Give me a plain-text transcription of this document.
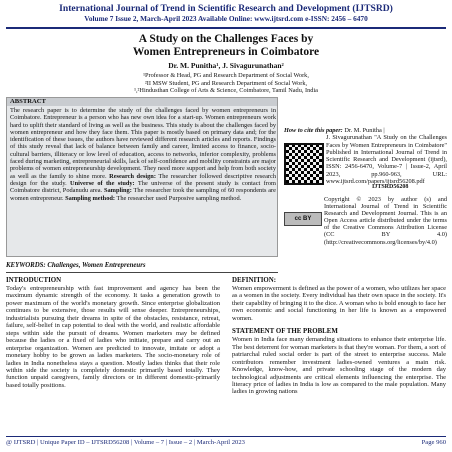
International Journal of Trend in Scientific Research and Development (IJTSRD)
Volume 7 Issue 2, March-April 2023 Available Online: www.ijtsrd.com e-ISSN: 2456 – 6470
A Study on the Challenges Faces by
Women Entrepreneurs in Coimbatore
Dr. M. Punitha¹, J. Sivagurunathan²
¹Professor & Head, PG and Research Department of Social Work,
²II MSW Student, PG and Research Department of Social Work,
¹,²Hindusthan College of Arts & Science, Coimbatore, Tamil Nadu, India
ABSTRACT
The research paper is to determine the study of the challenges faced by women entrepreneurs in Coimbatore. Entrepreneur is a person who has new own idea for a start-up. Women entrepreneurs work hard to uplift their standard of living as well as the business. This study is about the challenges faced by women entrepreneur and how they face them. This paper is mostly based on primary data and; for the identification of these issues, the authors have reviewed different research articles and reports. Findings of this study reveal that lack of balance between family and career, limited access to finance, socio-cultural barriers, illiteracy or low level of education, access to networks, inferior complexity, problems faced during marketing, entrepreneurial skills, lack of self-confidence and mobility constraints are major problems of women entrepreneurship development. They need more support and help from both society as well as the family to shine more. Research design: The researcher followed descriptive research design for the study. Universe of the study: The universe of the present study is contact from Coimbatore district, Podanudu area. Sampling: The researcher took the sampling of 60 respondents are women entrepreneur. Sampling method: The researcher used Purposive sampling method.
How to cite this paper: Dr. M. Punitha |
J. Sivagurunathan "A Study on the Challenges Faces by Women Entrepreneurs in Coimbatore" Published in International Journal of Trend in Scientific Research and Development (ijtsrd), ISSN: 2456-6470, Volume-7 | Issue-2, April 2023, pp.960-963, URL: www.ijtsrd.com/papers/ijtsrd56208.pdf
IJTSRD56208
cc BY
Copyright © 2023 by author (s) and International Journal of Trend in Scientific Research and Development Journal. This is an Open Access article distributed under the terms of the Creative Commons Attribution License (CC BY 4.0) (http://creativecommons.org/licenses/by/4.0)
KEYWORDS: Challenges, Women Entrepreneurs
INTRODUCTION
Today's entrepreneurship with fast improvement and agency has been the maximum dynamic strength of the economy. It tasks a generation growth to power maximum of the world's monetary growth. Since enterprise globalization continues to be extensive, those results will sense deeper. Entrepreneurships, industrialists pursuing their dreams in spite of the obstacles, resistance, retreat, failure, self-belief in cap potential to deal with the world, and realistic affordable steps within side the pursuit of dreams. Women marketers may be defined because the ladies or a fixed of ladies who initiate, prepare and carry out an enterprise organization. Women are predicted to innovate, imitate or adopt a monetary hobby to be grown as ladies marketers. The socio-monetary role of ladies in India nonetheless stays a question. Mostly ladies thinks that their role within side the society is completely domestic primarily based totally. They function unpaid caregivers, family directors or in different domestic-primarily based totally positions.
DEFINITION:
Women empowerment is defined as the power of a women, who utilizes her space as a women in the society. Every individual has their own space in the society. It's their capability of bringing it to the dice. A woman who is bold enough to face her own economic and social functioning in her life is known as a empowered women.
STATEMENT OF THE PROBLEM
Women in India face many demanding situations to enhance their enterprise life. The best deterrent for woman marketers is that they're woman. For them, a sort of patriarchal ruled social order is part of the street to enterprise success. Male contributors remember investment ladies-owned ventures a main risk. Knowledge, know-how, and private schooling stage of the modern day technological adjustments are critical elements influencing the enterprise. The literacy price of ladies in India is low as compared to the male population. Many ladies in growing nations
@ IJTSRD | Unique Paper ID – IJTSRD56208 | Volume – 7 | Issue – 2 | March-April 2023	Page 960
